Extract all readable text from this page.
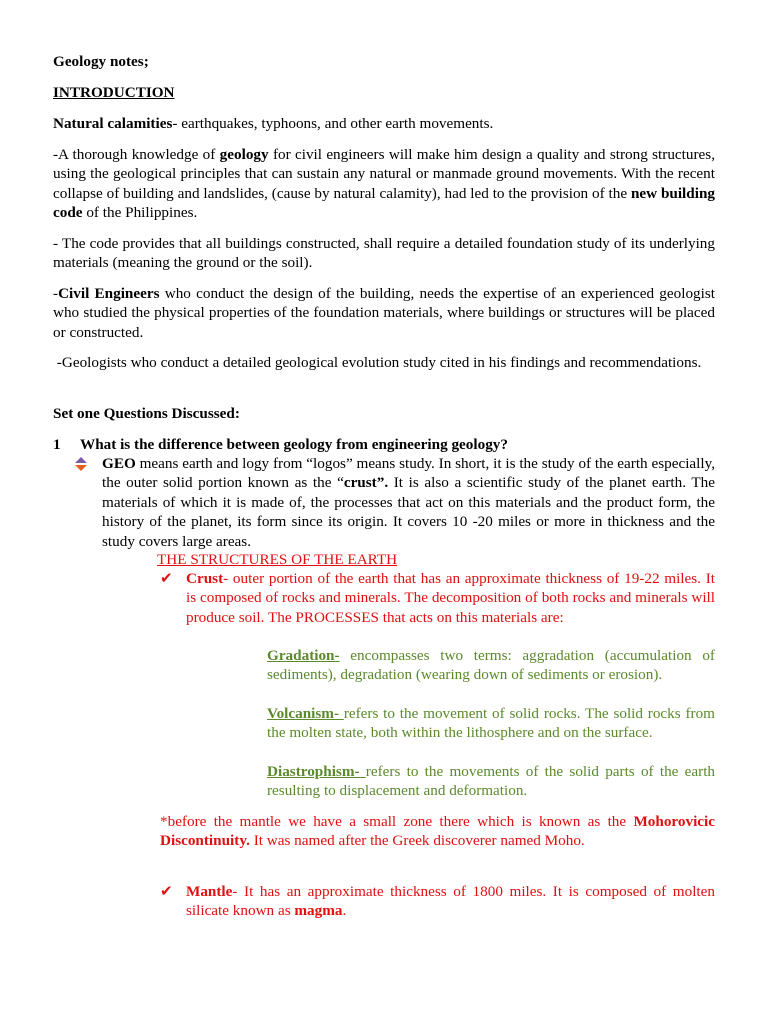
Geology notes;

INTRODUCTION

Natural calamities- earthquakes, typhoons, and other earth movements.

-A thorough knowledge of geology for civil engineers will make him design a quality and strong structures, using the geological principles that can sustain any natural or manmade ground movements. With the recent collapse of building and landslides, (cause by natural calamity), had led to the provision of the new building code of the Philippines.

- The code provides that all buildings constructed, shall require a detailed foundation study of its underlying materials (meaning the ground or the soil).

-Civil Engineers who conduct the design of the building, needs the expertise of an experienced geologist who studied the physical properties of the foundation materials, where buildings or structures will be placed or constructed.

-Geologists who conduct a detailed geological evolution study cited in his findings and recommendations.

Set one Questions Discussed:

1 What is the difference between geology from engineering geology?

GEO means earth and logy from “logos” means study. In short, it is the study of the earth especially, the outer solid portion known as the “crust”. It is also a scientific study of the planet earth. The materials of which it is made of, the processes that act on this materials and the product form, the history of the planet, its form since its origin. It covers 10 -20 miles or more in thickness and the study covers large areas.

THE STRUCTURES OF THE EARTH

✔ Crust- outer portion of the earth that has an approximate thickness of 19-22 miles. It is composed of rocks and minerals. The decomposition of both rocks and minerals will produce soil. The PROCESSES that acts on this materials are:

Gradation- encompasses two terms: aggradation (accumulation of sediments), degradation (wearing down of sediments or erosion).

Volcanism- refers to the movement of solid rocks. The solid rocks from the molten state, both within the lithosphere and on the surface.

Diastrophism- refers to the movements of the solid parts of the earth resulting to displacement and deformation.

*before the mantle we have a small zone there which is known as the Mohorovicic Discontinuity. It was named after the Greek discoverer named Moho.

✔ Mantle- It has an approximate thickness of 1800 miles. It is composed of molten silicate known as magma.
